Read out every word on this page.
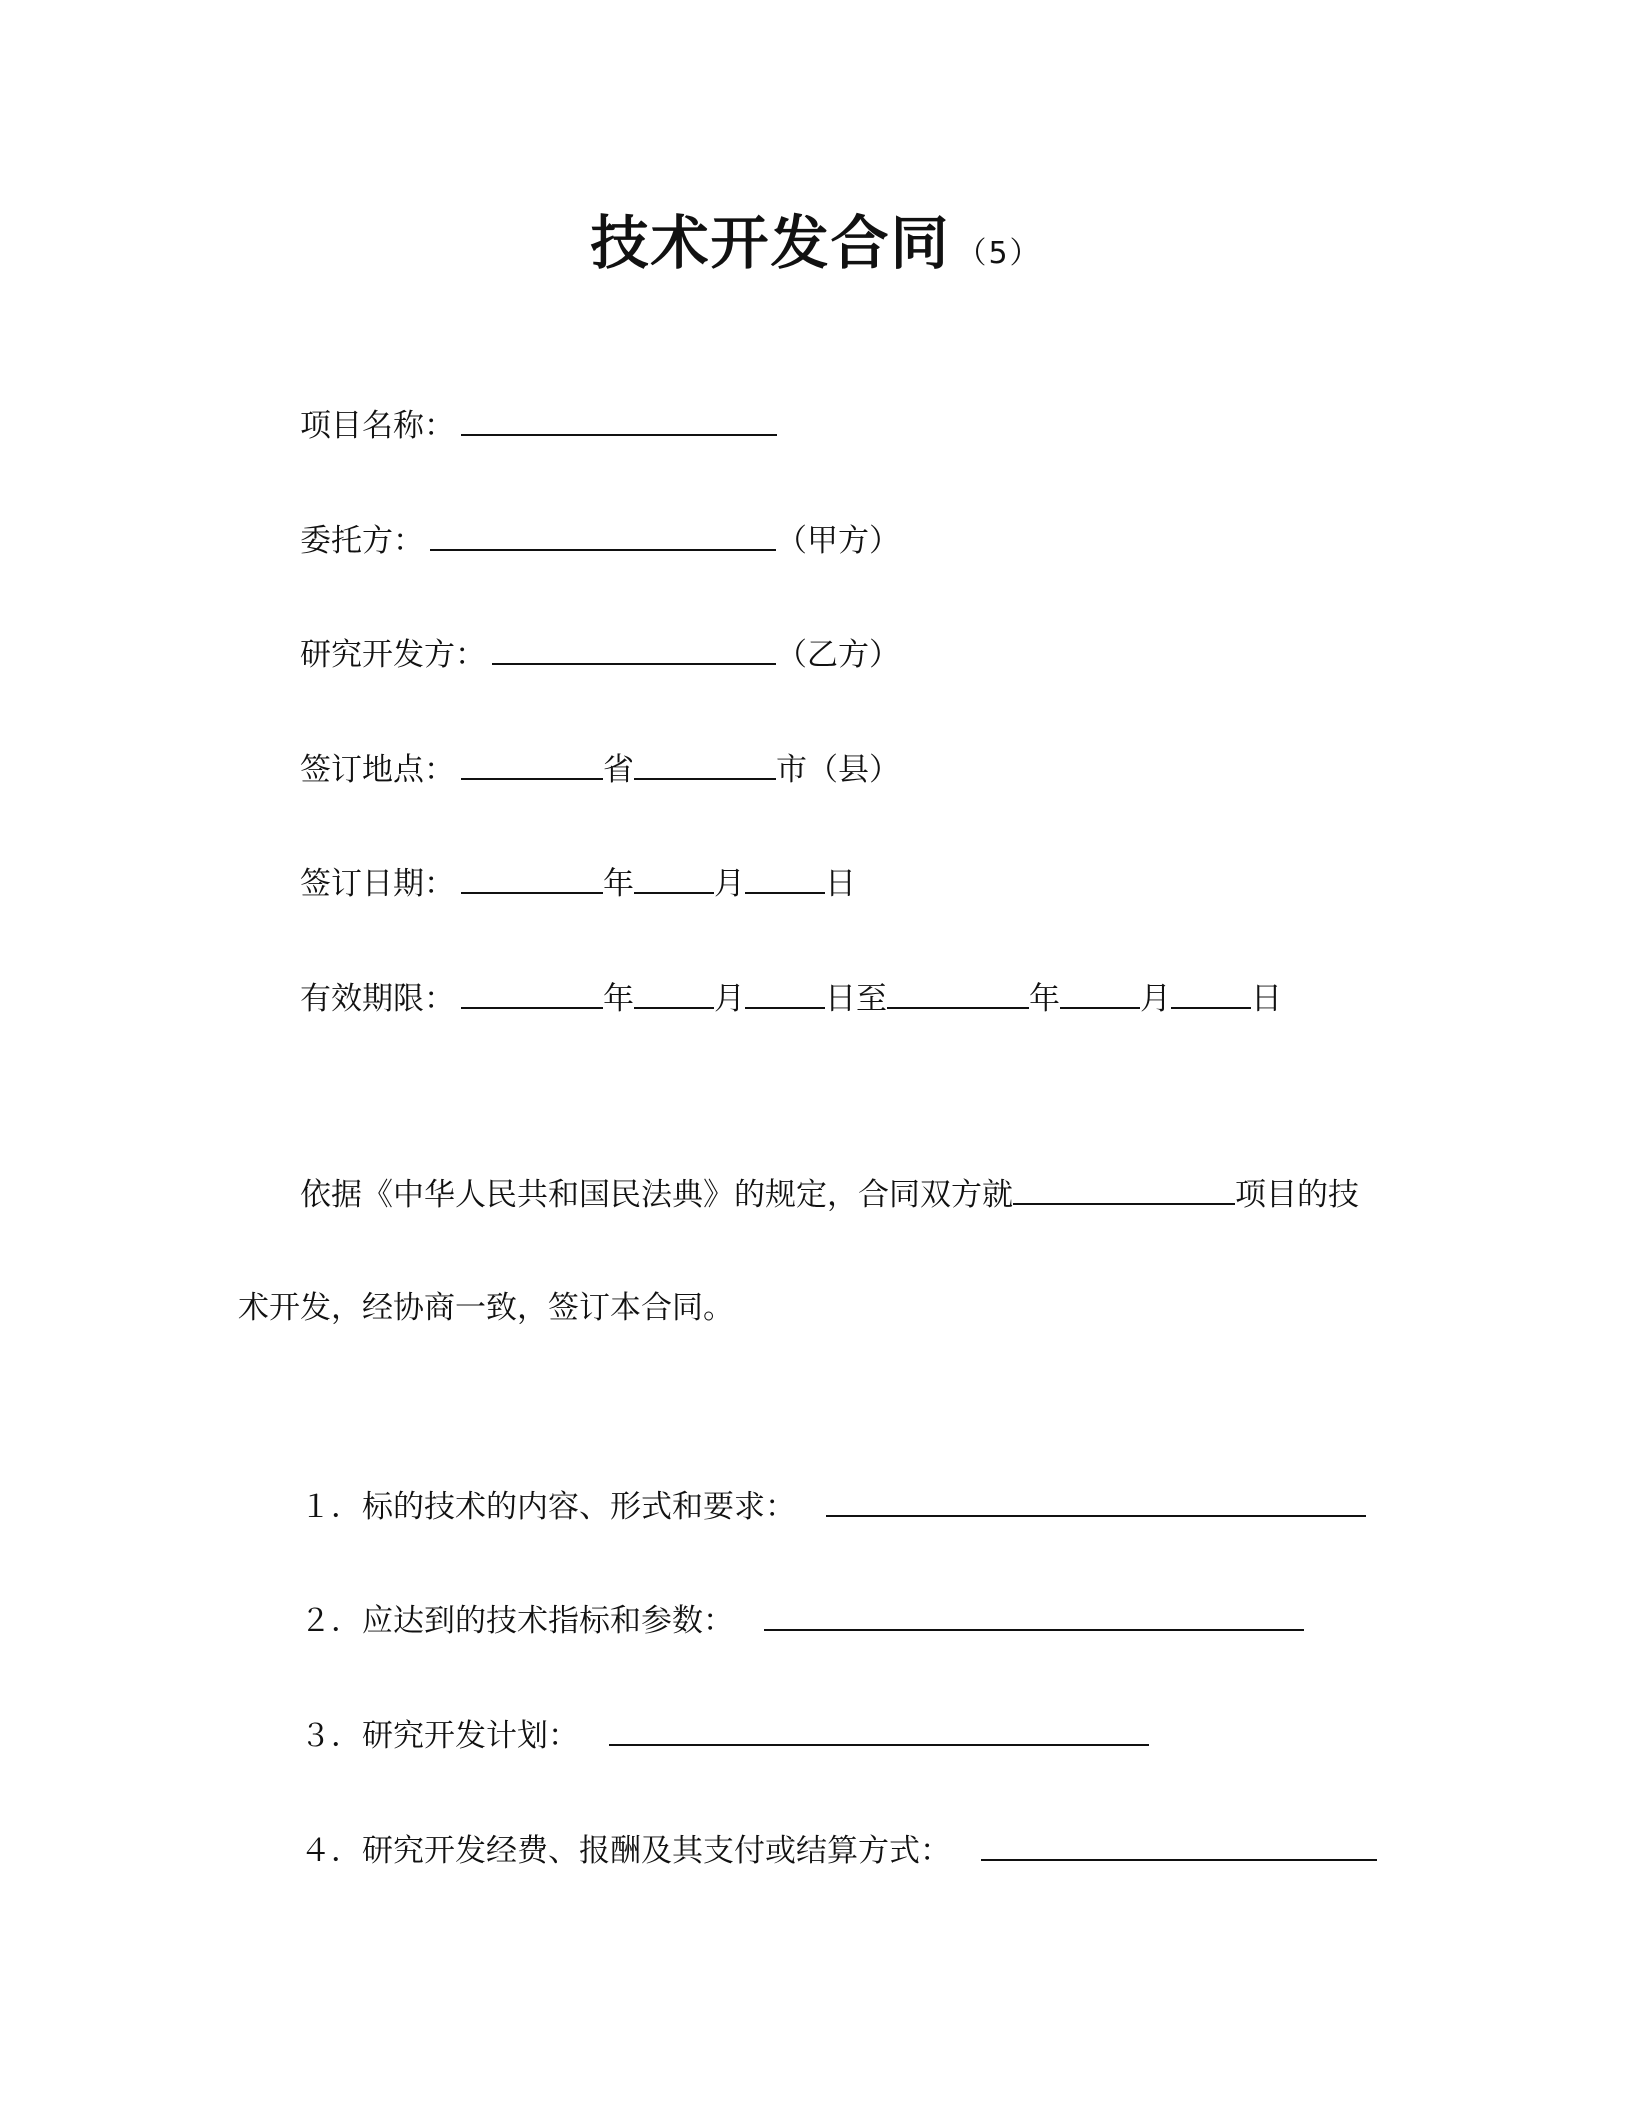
技术开发合同 （5）
项目名称：
委托方：	（甲方）
研究开发方：	（乙方）
签订地点：	省	市（县）
签订日期：	年	月	日
有效期限：	年	月	日至	年	月	日
依据《中华人民共和国民法典》的规定，合同双方就	项目的技
术开发，经协商一致，签订本合同。
１．标的技术的内容、形式和要求：
２．应达到的技术指标和参数：
３．研究开发计划：
４．研究开发经费、报酬及其支付或结算方式：
